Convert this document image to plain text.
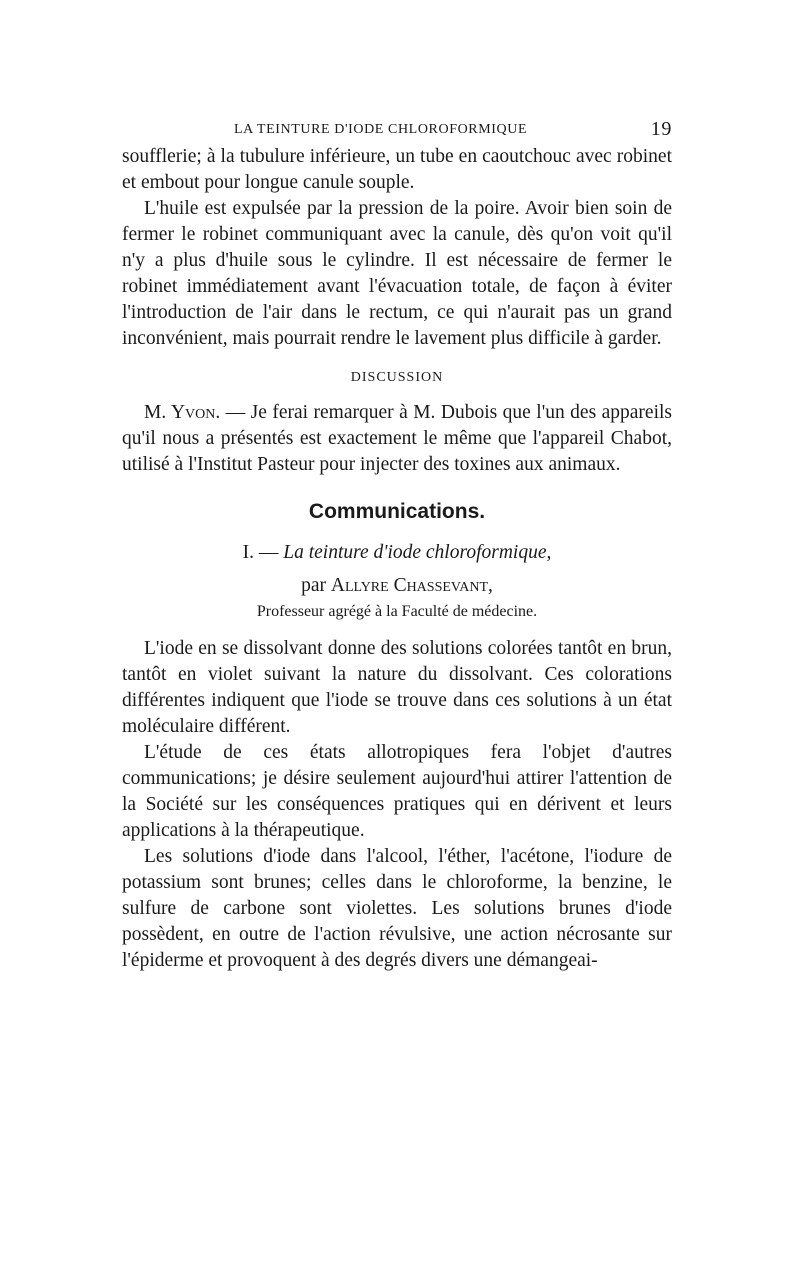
LA TEINTURE D'IODE CHLOROFORMIQUE	19

soufflerie; à la tubulure inférieure, un tube en caoutchouc avec robinet et embout pour longue canule souple.

L'huile est expulsée par la pression de la poire. Avoir bien soin de fermer le robinet communiquant avec la canule, dès qu'on voit qu'il n'y a plus d'huile sous le cylindre. Il est nécessaire de fermer le robinet immédiatement avant l'évacuation totale, de façon à éviter l'introduction de l'air dans le rectum, ce qui n'aurait pas un grand inconvénient, mais pourrait rendre le lavement plus difficile à garder.

DISCUSSION

M. Yvon. — Je ferai remarquer à M. Dubois que l'un des appareils qu'il nous a présentés est exactement le même que l'appareil Chabot, utilisé à l'Institut Pasteur pour injecter des toxines aux animaux.

Communications.
I. — La teinture d'iode chloroformique,
par Allyre Chassevant,
Professeur agrégé à la Faculté de médecine.

L'iode en se dissolvant donne des solutions colorées tantôt en brun, tantôt en violet suivant la nature du dissolvant. Ces colorations différentes indiquent que l'iode se trouve dans ces solutions à un état moléculaire différent.

L'étude de ces états allotropiques fera l'objet d'autres communications; je désire seulement aujourd'hui attirer l'attention de la Société sur les conséquences pratiques qui en dérivent et leurs applications à la thérapeutique.

Les solutions d'iode dans l'alcool, l'éther, l'acétone, l'iodure de potassium sont brunes; celles dans le chloroforme, la benzine, le sulfure de carbone sont violettes. Les solutions brunes d'iode possèdent, en outre de l'action révulsive, une action nécrosante sur l'épiderme et provoquent à des degrés divers une démangeai-
